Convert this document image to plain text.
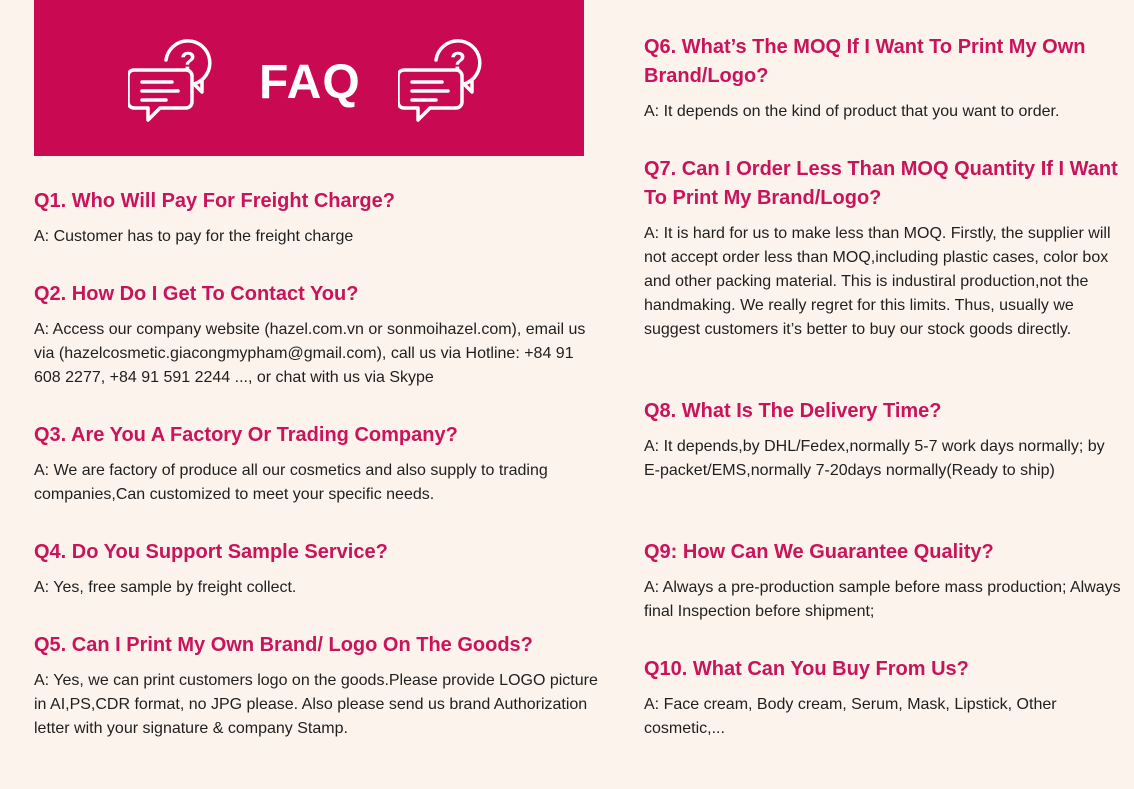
? FAQ	?
Q1. Who Will Pay For Freight Charge?
A: Customer has to pay for the freight charge
Q2. How Do I Get To Contact You?
A: Access our company website (hazel.com.vn or sonmoihazel.com), email us via (hazelcosmetic.giacongmypham@gmail.com), call us via Hotline: +84 91 608 2277, +84 91 591 2244 ..., or chat with us via Skype
Q3. Are You A Factory Or Trading Company?
A: We are factory of produce all our cosmetics and also supply to trading companies,Can customized to meet your specific needs.
Q4. Do You Support Sample Service?
A: Yes, free sample by freight collect.
Q5. Can I Print My Own Brand/ Logo On The Goods?
A: Yes, we can print customers logo on the goods.Please provide LOGO picture in AI,PS,CDR format, no JPG please. Also please send us brand Authorization letter with your signature & company Stamp.
Q6. What’s The MOQ If I Want To Print My Own Brand/Logo?
A: It depends on the kind of product that you want to order.
Q7. Can I Order Less Than MOQ Quantity If I Want To Print My Brand/Logo?
A: It is hard for us to make less than MOQ. Firstly, the supplier will not accept order less than MOQ,including plastic cases, color box and other packing material. This is industiral production,not the handmaking. We really regret for this limits. Thus, usually we suggest customers it’s better to buy our stock goods directly.
Q8. What Is The Delivery Time?
A: It depends,by DHL/Fedex,normally 5-7 work days normally; by E-packet/EMS,normally 7-20days normally(Ready to ship)
Q9: How Can We Guarantee Quality?
A: Always a pre-production sample before mass production; Always final Inspection before shipment;
Q10. What Can You Buy From Us?
A: Face cream, Body cream, Serum, Mask, Lipstick, Other cosmetic,...
